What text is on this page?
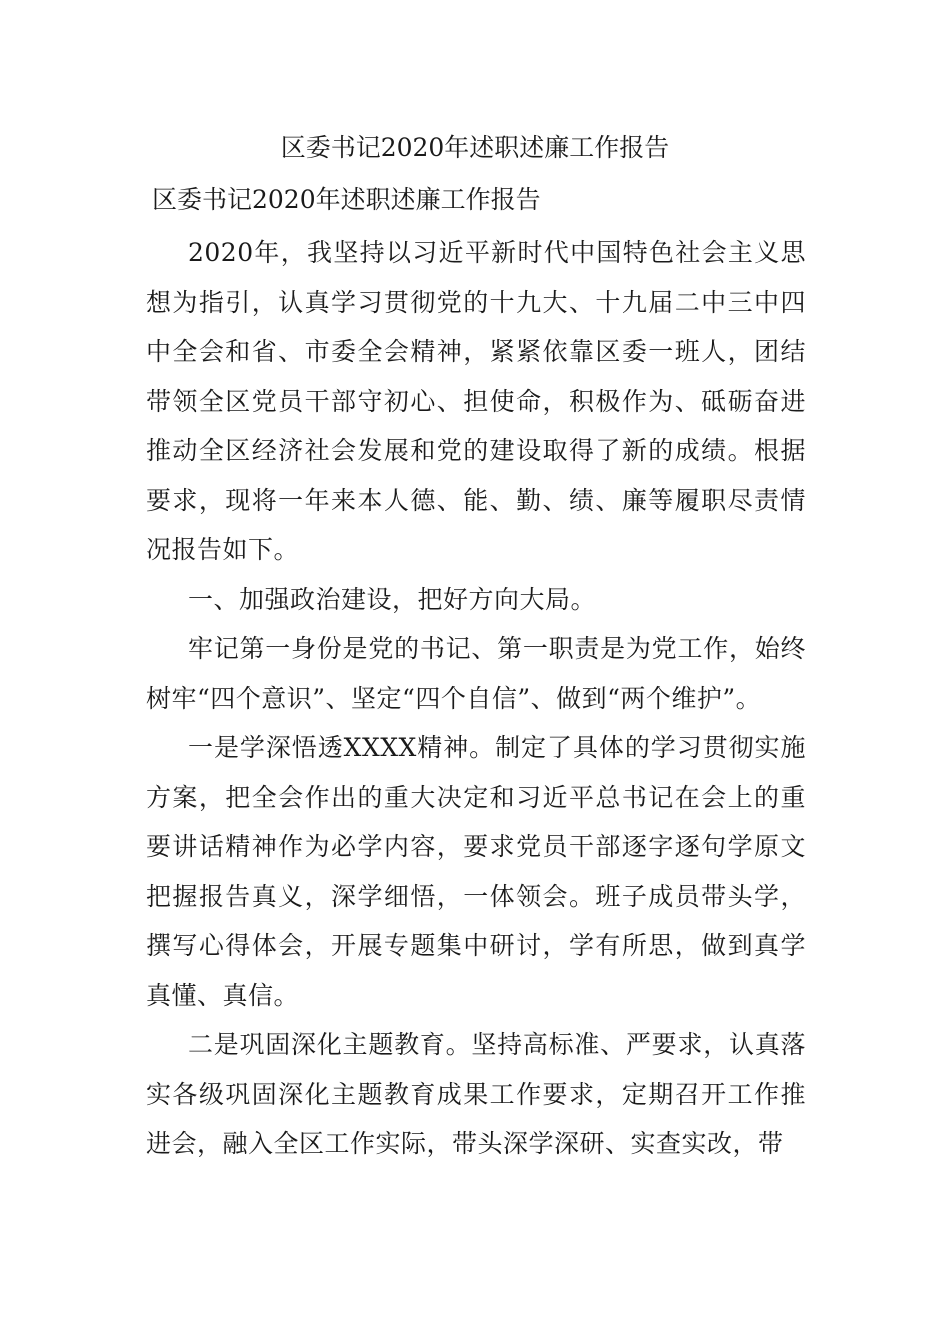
区委书记2020年述职述廉工作报告
区委书记2020年述职述廉工作报告

2020年，我坚持以习近平新时代中国特色社会主义思想为指引，认真学习贯彻党的十九大、十九届二中三中四中全会和省、市委全会精神，紧紧依靠区委一班人，团结带领全区党员干部守初心、担使命，积极作为、砥砺奋进推动全区经济社会发展和党的建设取得了新的成绩。根据要求，现将一年来本人德、能、勤、绩、廉等履职尽责情况报告如下。

一、加强政治建设，把好方向大局。

牢记第一身份是党的书记、第一职责是为党工作，始终树牢“四个意识”、坚定“四个自信”、做到“两个维护”。

一是学深悟透XXXX精神。制定了具体的学习贯彻实施方案，把全会作出的重大决定和习近平总书记在会上的重要讲话精神作为必学内容，要求党员干部逐字逐句学原文把握报告真义，深学细悟，一体领会。班子成员带头学，撰写心得体会，开展专题集中研讨，学有所思，做到真学真懂、真信。

二是巩固深化主题教育。坚持高标准、严要求，认真落实各级巩固深化主题教育成果工作要求，定期召开工作推进会，融入全区工作实际，带头深学深研、实查实改，带
